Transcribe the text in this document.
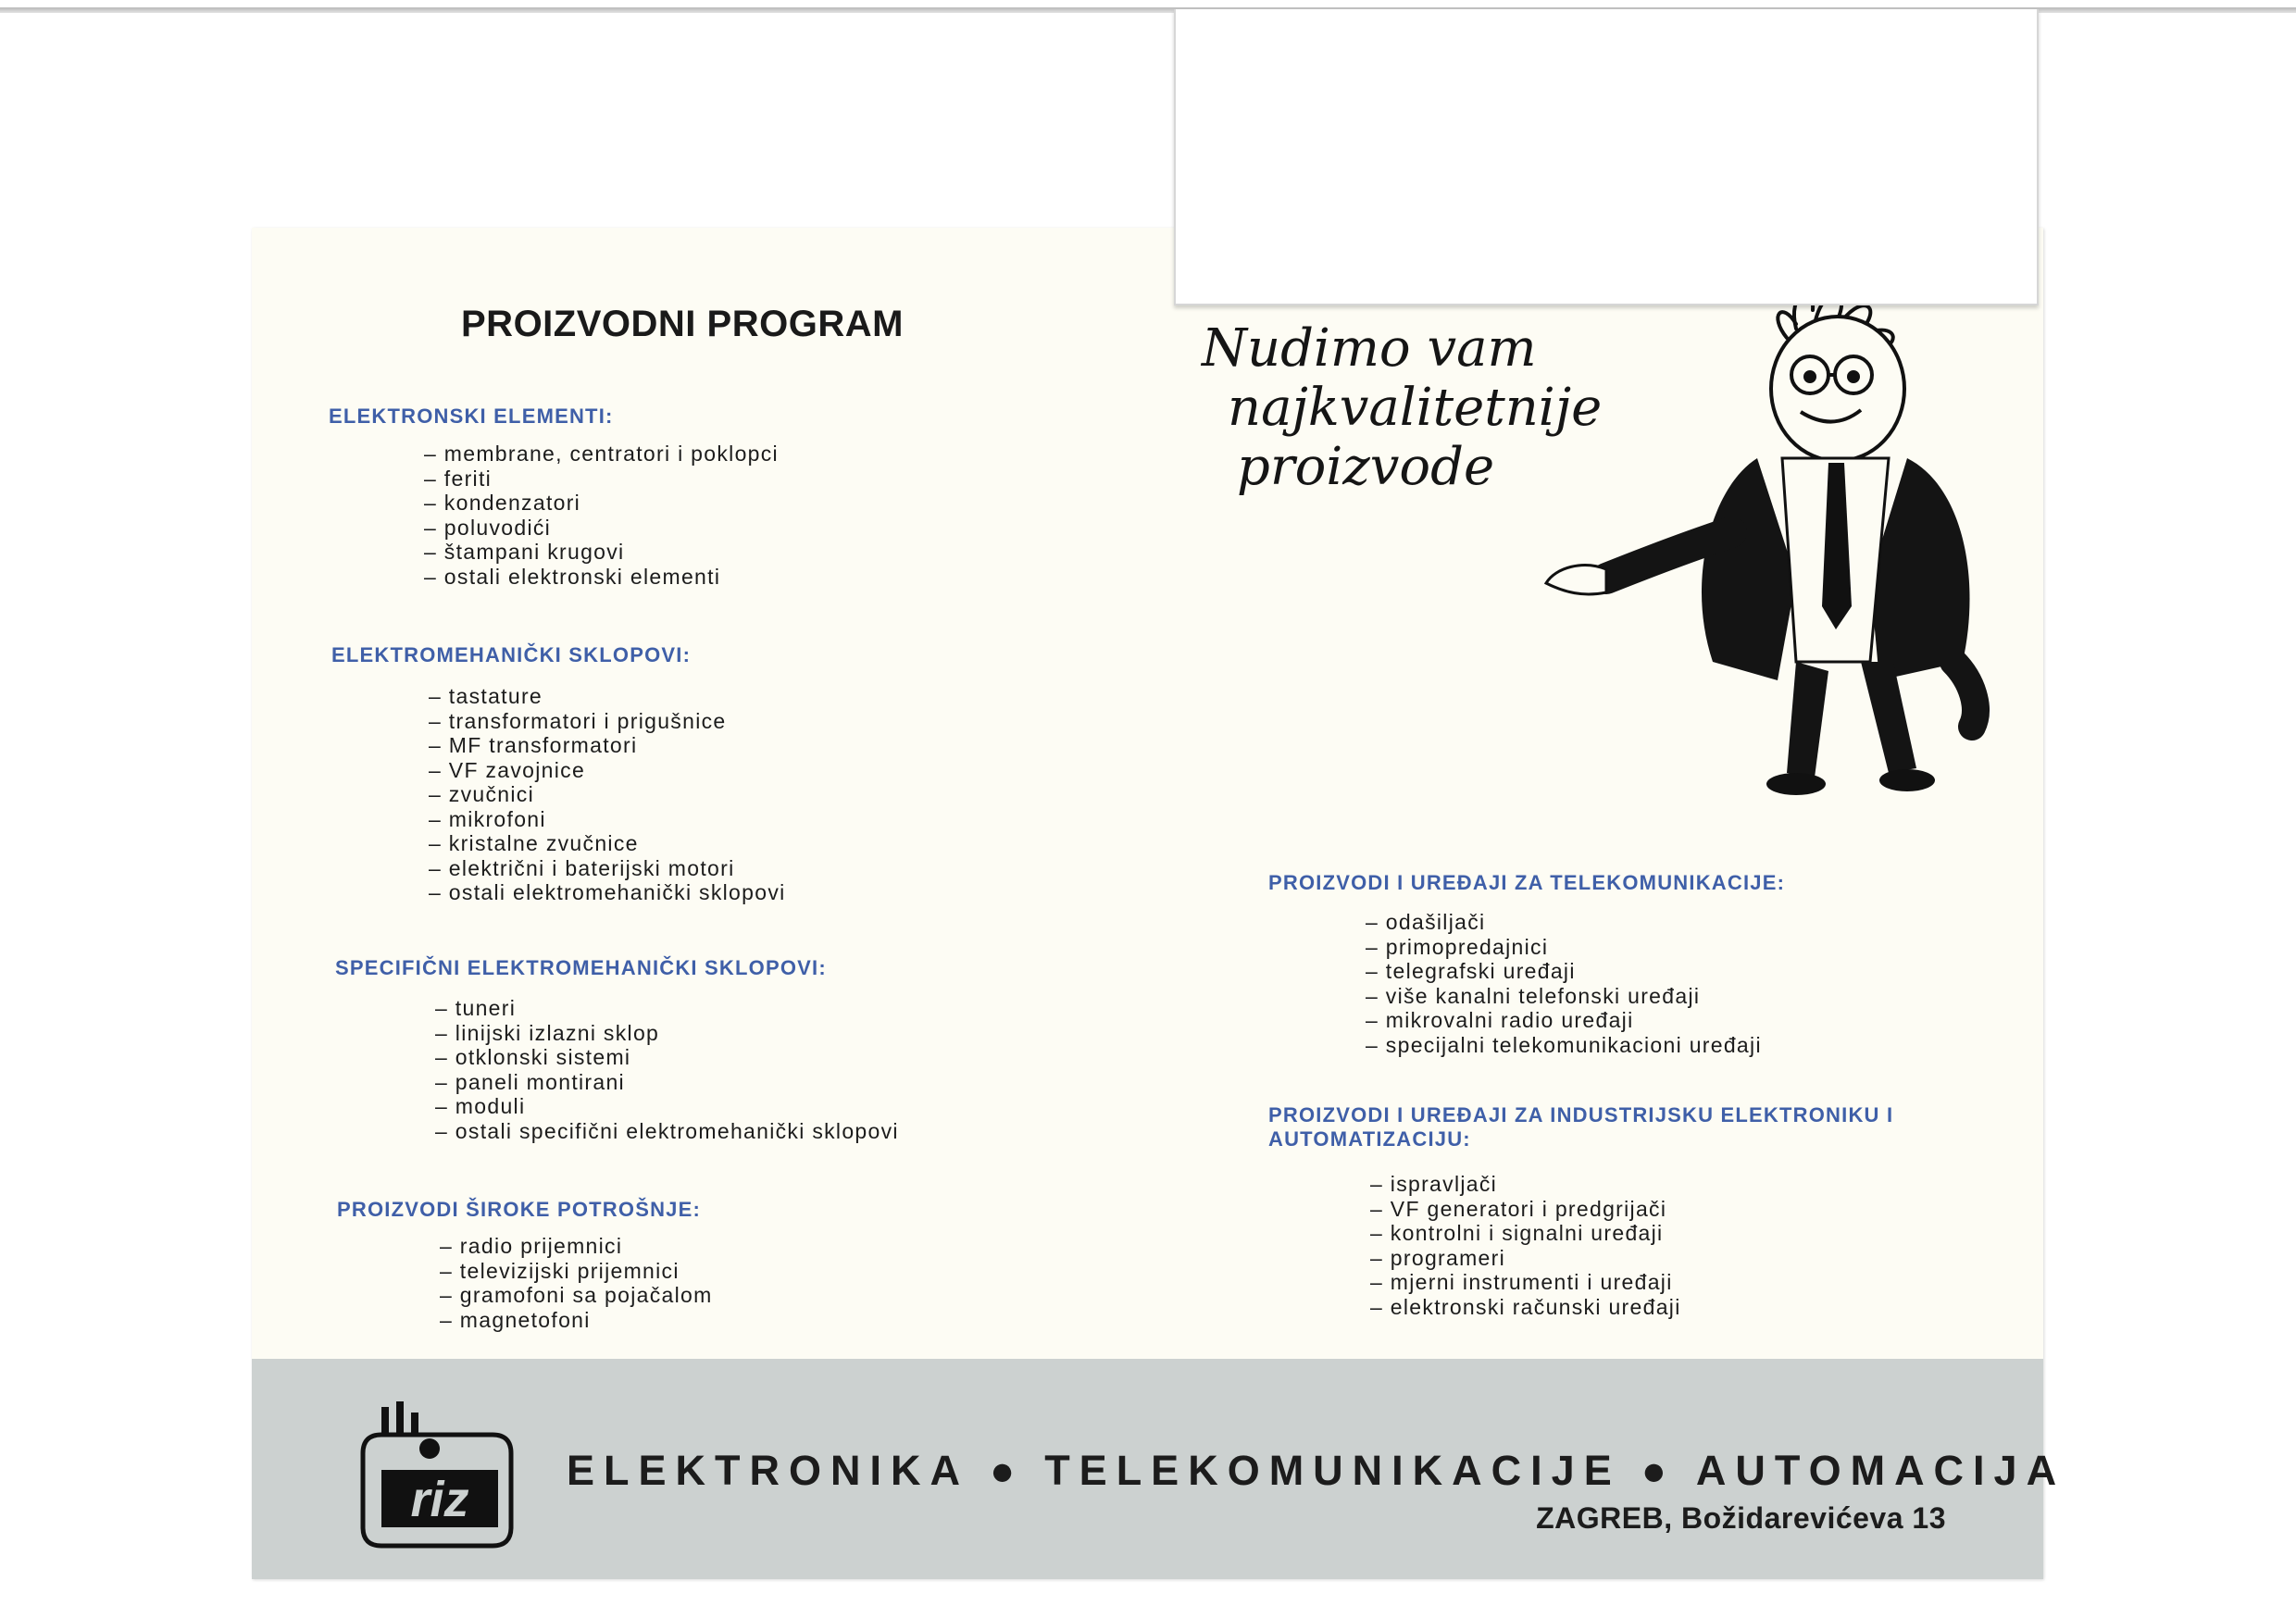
PROIZVODNI PROGRAM
ELEKTRONSKI ELEMENTI:
– membrane, centratori i poklopci
– feriti
– kondenzatori
– poluvodići
– štampani krugovi
– ostali elektronski elementi
ELEKTROMEHANIČKI SKLOPOVI:
– tastature
– transformatori i prigušnice
– MF transformatori
– VF zavojnice
– zvučnici
– mikrofoni
– kristalne zvučnice
– električni i baterijski motori
– ostali elektromehanički sklopovi
SPECIFIČNI ELEKTROMEHANIČKI SKLOPOVI:
– tuneri
– linijski izlazni sklop
– otklonski sistemi
– paneli montirani
– moduli
– ostali specifični elektromehanički sklopovi
PROIZVODI ŠIROKE POTROŠNJE:
– radio prijemnici
– televizijski prijemnici
– gramofoni sa pojačalom
– magnetofoni
PROIZVODI I UREĐAJI ZA TELEKOMUNIKACIJE:
– odašiljači
– primopredajnici
– telegrafski uređaji
– više kanalni telefonski uređaji
– mikrovalni radio uređaji
– specijalni telekomunikacioni uređaji
PROIZVODI I UREĐAJI ZA INDUSTRIJSKU ELEKTRONIKU I AUTOMATIZACIJU:
– ispravljači
– VF generatori i predgrijači
– kontrolni i signalni uređaji
– programeri
– mjerni instrumenti i uređaji
– elektronski računski uređaji
Nudimo vam
najkvalitetnije
proizvode
riz
ELEKTRONIKA ● TELEKOMUNIKACIJE ● AUTOMACIJA
ZAGREB, Božidarevićeva 13
